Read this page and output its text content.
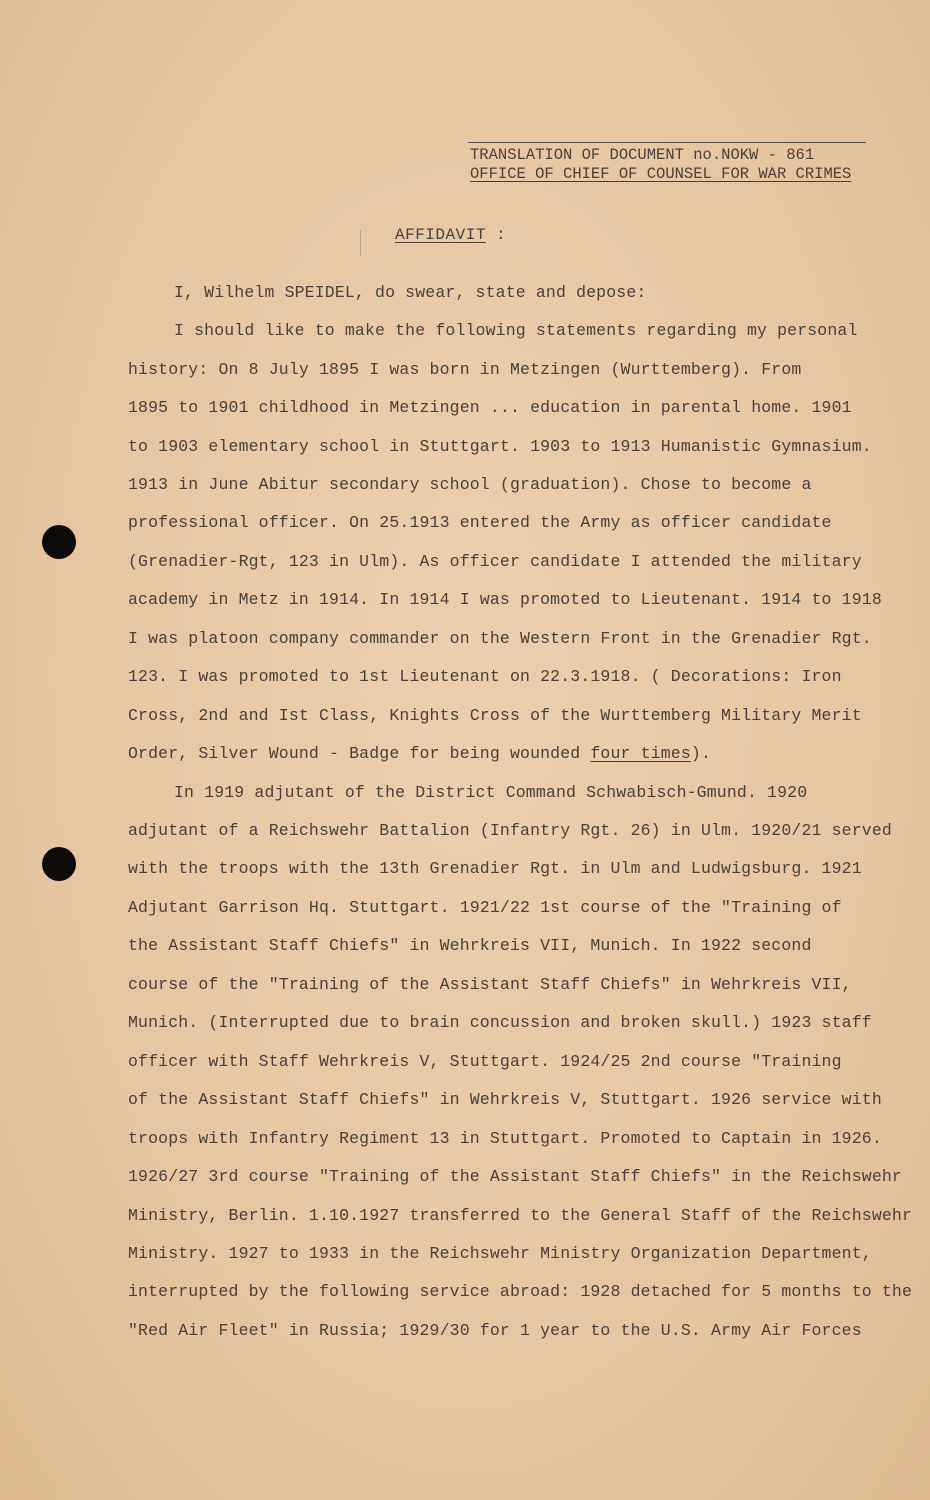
TRANSLATION OF DOCUMENT no.NOKW - 861
OFFICE OF CHIEF OF COUNSEL FOR WAR CRIMES
AFFIDAVIT :
I, Wilhelm SPEIDEL, do swear, state and depose:
I should like to make the following statements regarding my personal
history: On 8 July 1895 I was born in Metzingen (Wurttemberg). From
1895 to 1901 childhood in Metzingen ... education in parental home. 1901
to 1903 elementary school in Stuttgart. 1903 to 1913 Humanistic Gymnasium.
1913 in June Abitur secondary school (graduation). Chose to become a
professional officer. On 25.1913 entered the Army as officer candidate
(Grenadier-Rgt, 123 in Ulm). As officer candidate I attended the military
academy in Metz in 1914. In 1914 I was promoted to Lieutenant. 1914 to 1918
I was platoon company commander on the Western Front in the Grenadier Rgt.
123. I was promoted to 1st Lieutenant on 22.3.1918. ( Decorations: Iron
Cross, 2nd and Ist Class, Knights Cross of the Wurttemberg Military Merit
Order, Silver Wound - Badge for being wounded four times).
In 1919 adjutant of the District Command Schwabisch-Gmund. 1920
adjutant of a Reichswehr Battalion (Infantry Rgt. 26) in Ulm. 1920/21 served
with the troops with the 13th Grenadier Rgt. in Ulm and Ludwigsburg. 1921
Adjutant Garrison Hq. Stuttgart. 1921/22 1st course of the "Training of
the Assistant Staff Chiefs" in Wehrkreis VII, Munich. In 1922 second
course of the "Training of the Assistant Staff Chiefs" in Wehrkreis VII,
Munich. (Interrupted due to brain concussion and broken skull.) 1923 staff
officer with Staff Wehrkreis V, Stuttgart. 1924/25 2nd course "Training
of the Assistant Staff Chiefs" in Wehrkreis V, Stuttgart. 1926 service with
troops with Infantry Regiment 13 in Stuttgart. Promoted to Captain in 1926.
1926/27 3rd course "Training of the Assistant Staff Chiefs" in the Reichswehr
Ministry, Berlin. 1.10.1927 transferred to the General Staff of the Reichswehr
Ministry. 1927 to 1933 in the Reichswehr Ministry Organization Department,
interrupted by the following service abroad: 1928 detached for 5 months to the
"Red Air Fleet" in Russia; 1929/30 for 1 year to the U.S. Army Air Forces
